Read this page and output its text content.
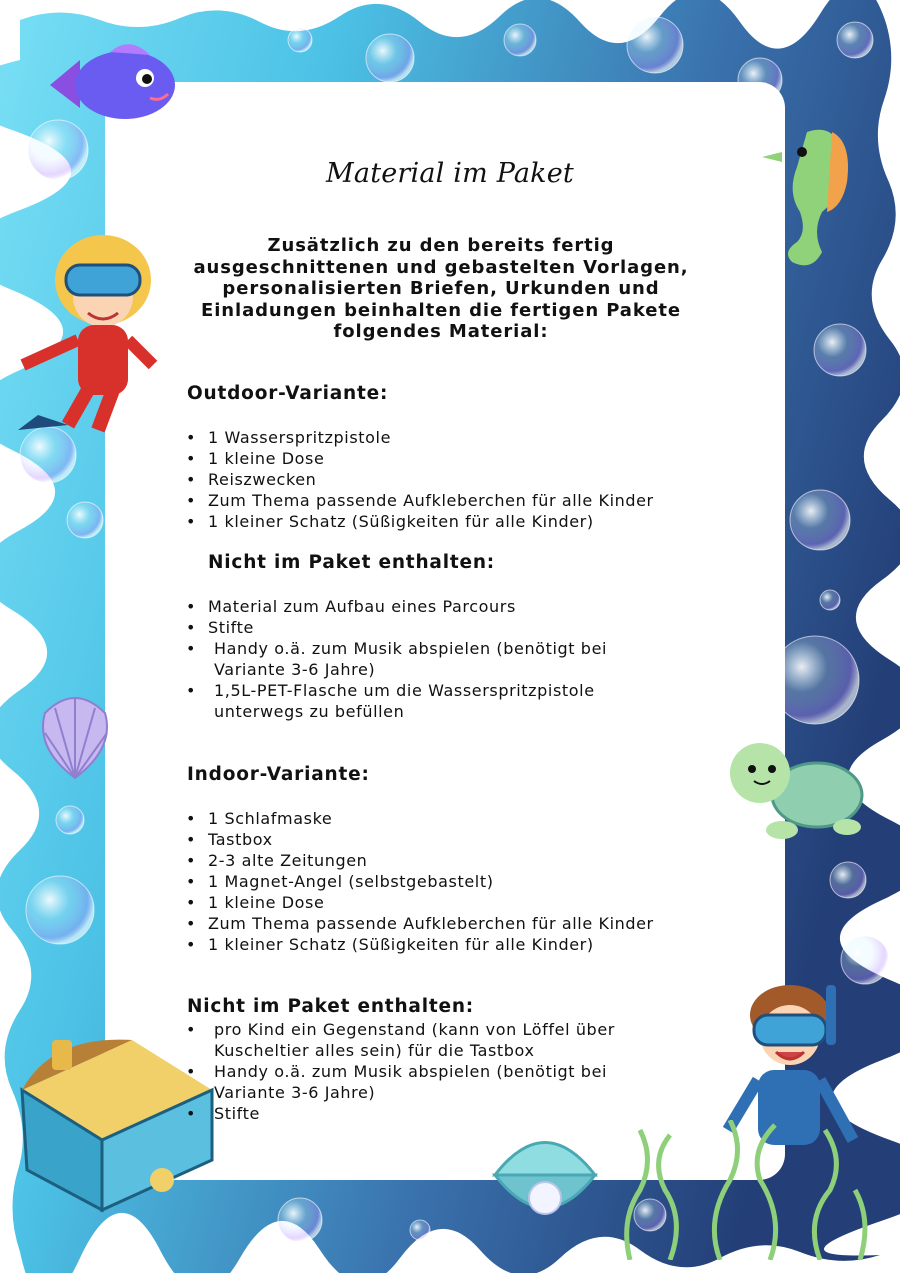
Material im Paket
Zusätzlich zu den bereits fertig ausgeschnittenen und gebastelten Vorlagen, personalisierten Briefen, Urkunden und Einladungen beinhalten die fertigen Pakete folgendes Material:
Outdoor-Variante:
• 1 Wasserspritzpistole
• 1 kleine Dose
• Reiszwecken
• Zum Thema passende Aufkleberchen für alle Kinder
• 1 kleiner Schatz (Süßigkeiten für alle Kinder)
Nicht im Paket enthalten:
• Material zum Aufbau eines Parcours
• Stifte
• Handy o.ä. zum Musik abspielen (benötigt bei Variante 3-6 Jahre)
• 1,5L-PET-Flasche um die Wasserspritzpistole unterwegs zu befüllen
Indoor-Variante:
• 1 Schlafmaske
• Tastbox
• 2-3 alte Zeitungen
• 1 Magnet-Angel (selbstgebastelt)
• 1 kleine Dose
• Zum Thema passende Aufkleberchen für alle Kinder
• 1 kleiner Schatz (Süßigkeiten für alle Kinder)
Nicht im Paket enthalten:
• pro Kind ein Gegenstand (kann von Löffel über Kuscheltier alles sein) für die Tastbox
• Handy o.ä. zum Musik abspielen (benötigt bei Variante 3-6 Jahre)
• Stifte
